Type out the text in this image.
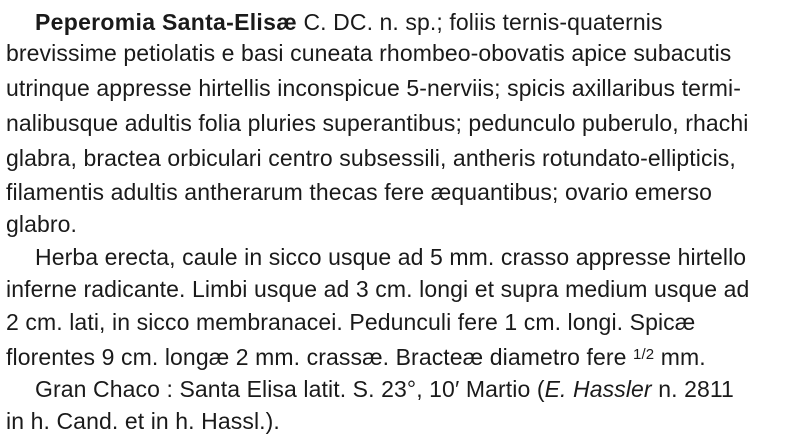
Peperomia Santa-Elisæ C. DC. n. sp.; foliis ternis-quaternis
brevissime petiolatis e basi cuneata rhombeo-obovatis apice subacutis
utrinque appresse hirtellis inconspicue 5-nerviis; spicis axillaribus termi-
nalibusque adultis folia pluries superantibus; pedunculo puberulo, rhachi
glabra, bractea orbiculari centro subsessili, antheris rotundato-ellipticis,
filamentis adultis antherarum thecas fere æquantibus; ovario emerso
glabro.
Herba erecta, caule in sicco usque ad 5 mm. crasso appresse hirtello
inferne radicante. Limbi usque ad 3 cm. longi et supra medium usque ad
2 cm. lati, in sicco membranacei. Pedunculi fere 1 cm. longi. Spicæ
florentes 9 cm. longæ 2 mm. crassæ. Bracteæ diametro fere $^{1/2}$ mm.
Gran Chaco : Santa Elisa latit. S. 23°, 10′ Martio (E. Hassler n. 2811
in h. Cand. et in h. Hassl.).
